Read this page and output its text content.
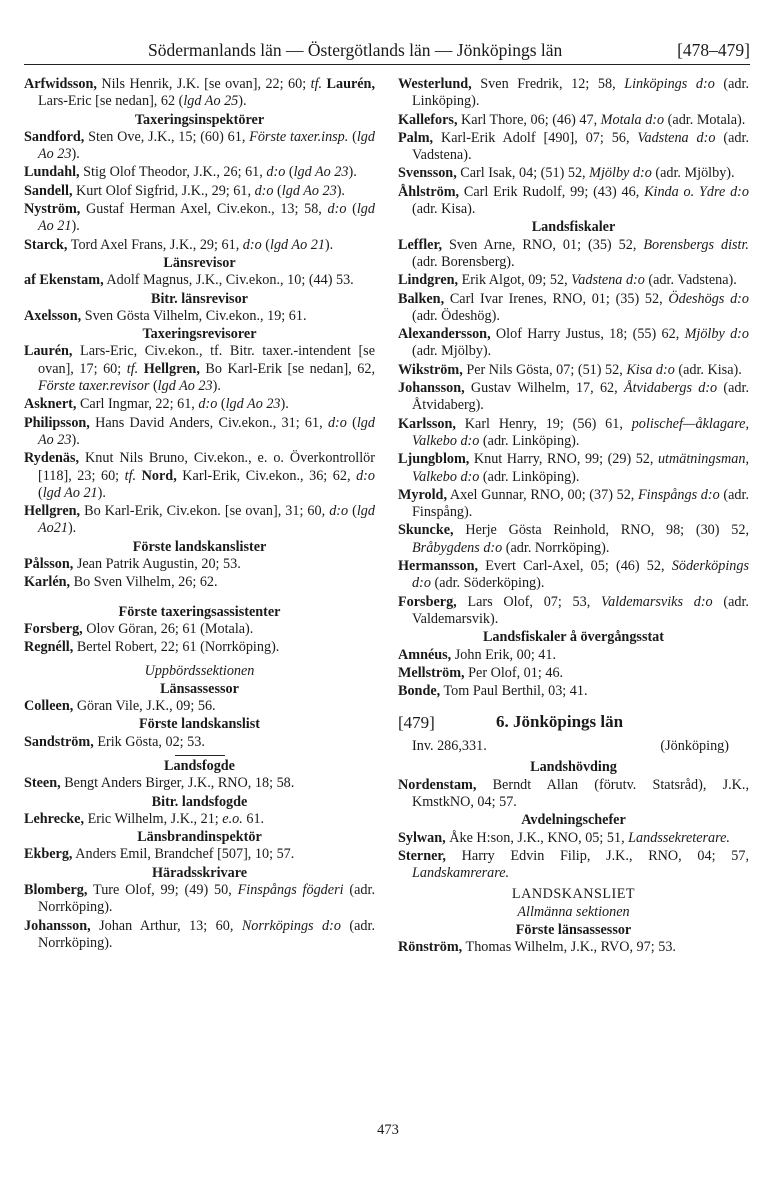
Södermanlands län — Östergötlands län — Jönköpings län	[478–479]

Arfwidsson, Nils Henrik, J.K. [se ovan], 22; 60; tf. Laurén, Lars-Eric [se nedan], 62 (lgd Ao 25).

Taxeringsinspektörer

Sandford, Sten Ove, J.K., 15; (60) 61, Förste taxer.insp. (lgd Ao 23).

Lundahl, Stig Olof Theodor, J.K., 26; 61, d:o (lgd Ao 23).

Sandell, Kurt Olof Sigfrid, J.K., 29; 61, d:o (lgd Ao 23).

Nyström, Gustaf Herman Axel, Civ.ekon., 13; 58, d:o (lgd Ao 21).

Starck, Tord Axel Frans, J.K., 29; 61, d:o (lgd Ao 21).

Länsrevisor

af Ekenstam, Adolf Magnus, J.K., Civ.ekon., 10; (44) 53.

Bitr. länsrevisor

Axelsson, Sven Gösta Vilhelm, Civ.ekon., 19; 61.

Taxeringsrevisorer

Laurén, Lars-Eric, Civ.ekon., tf. Bitr. taxer.-intendent [se ovan], 17; 60; tf. Hellgren, Bo Karl-Erik [se nedan], 62, Förste taxer.revisor (lgd Ao 23).

Asknert, Carl Ingmar, 22; 61, d:o (lgd Ao 23).

Philipsson, Hans David Anders, Civ.ekon., 31; 61, d:o (lgd Ao 23).

Rydenäs, Knut Nils Bruno, Civ.ekon., e. o. Överkontrollör [118], 23; 60; tf. Nord, Karl-Erik, Civ.ekon., 36; 62, d:o (lgd Ao 21).

Hellgren, Bo Karl-Erik, Civ.ekon. [se ovan], 31; 60, d:o (lgd Ao21).

Förste landskanslister

Pålsson, Jean Patrik Augustin, 20; 53.

Karlén, Bo Sven Vilhelm, 26; 62.

Förste taxeringsassistenter

Forsberg, Olov Göran, 26; 61 (Motala).

Regnéll, Bertel Robert, 22; 61 (Norrköping).

Uppbördssektionen
Länsassessor

Colleen, Göran Vile, J.K., 09; 56.

Förste landskanslist

Sandström, Erik Gösta, 02; 53.

Landsfogde

Steen, Bengt Anders Birger, J.K., RNO, 18; 58.

Bitr. landsfogde

Lehrecke, Eric Wilhelm, J.K., 21; e.o. 61.

Länsbrandinspektör

Ekberg, Anders Emil, Brandchef [507], 10; 57.

Häradsskrivare

Blomberg, Ture Olof, 99; (49) 50, Finspångs fögderi (adr. Norrköping).

Johansson, Johan Arthur, 13; 60, Norrköpings d:o (adr. Norrköping).

Westerlund, Sven Fredrik, 12; 58, Linköpings d:o (adr. Linköping).

Kallefors, Karl Thore, 06; (46) 47, Motala d:o (adr. Motala).

Palm, Karl-Erik Adolf [490], 07; 56, Vadstena d:o (adr. Vadstena).

Svensson, Carl Isak, 04; (51) 52, Mjölby d:o (adr. Mjölby).

Åhlström, Carl Erik Rudolf, 99; (43) 46, Kinda o. Ydre d:o (adr. Kisa).

Landsfiskaler

Leffler, Sven Arne, RNO, 01; (35) 52, Borensbergs distr. (adr. Borensberg).

Lindgren, Erik Algot, 09; 52, Vadstena d:o (adr. Vadstena).

Balken, Carl Ivar Irenes, RNO, 01; (35) 52, Ödeshögs d:o (adr. Ödeshög).

Alexandersson, Olof Harry Justus, 18; (55) 62, Mjölby d:o (adr. Mjölby).

Wikström, Per Nils Gösta, 07; (51) 52, Kisa d:o (adr. Kisa).

Johansson, Gustav Wilhelm, 17, 62, Åtvidabergs d:o (adr. Åtvidaberg).

Karlsson, Karl Henry, 19; (56) 61, polischef—åklagare, Valkebo d:o (adr. Linköping).

Ljungblom, Knut Harry, RNO, 99; (29) 52, utmätningsman, Valkebo d:o (adr. Linköping).

Myrold, Axel Gunnar, RNO, 00; (37) 52, Finspångs d:o (adr. Finspång).

Skuncke, Herje Gösta Reinhold, RNO, 98; (30) 52, Bråbygdens d:o (adr. Norrköping).

Hermansson, Evert Carl-Axel, 05; (46) 52, Söderköpings d:o (adr. Söderköping).

Forsberg, Lars Olof, 07; 53, Valdemarsviks d:o (adr. Valdemarsvik).

Landsfiskaler å övergångsstat

Amnéus, John Erik, 00; 41.

Mellström, Per Olof, 01; 46.

Bonde, Tom Paul Berthil, 03; 41.

[479]	6. Jönköpings län
Inv. 286,331.	(Jönköping)
Landshövding

Nordenstam, Berndt Allan (förutv. Statsråd), J.K., KmstkNO, 04; 57.

Avdelningschefer

Sylwan, Åke H:son, J.K., KNO, 05; 51, Landssekreterare.

Sterner, Harry Edvin Filip, J.K., RNO, 04; 57, Landskamrerare.

LANDSKANSLIET
Allmänna sektionen
Förste länsassessor

Rönström, Thomas Wilhelm, J.K., RVO, 97; 53.

473
